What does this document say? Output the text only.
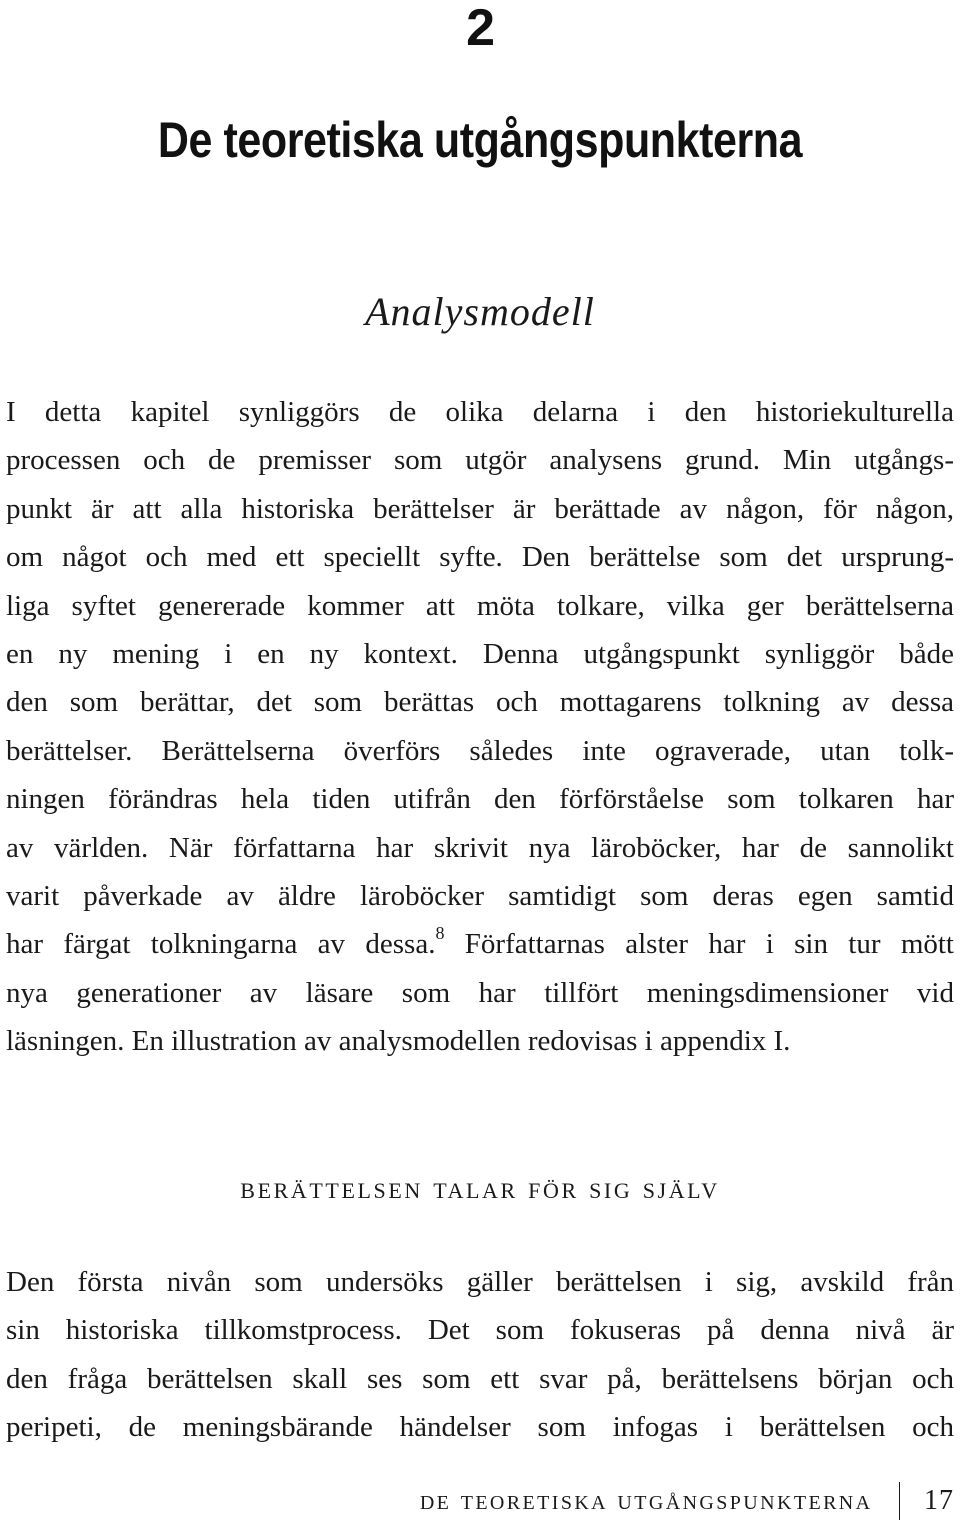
2
De teoretiska utgångspunkterna
Analysmodell

I detta kapitel synliggörs de olika delarna i den historiekulturella
processen och de premisser som utgör analysens grund. Min utgångs-
punkt är att alla historiska berättelser är berättade av någon, för någon,
om något och med ett speciellt syfte. Den berättelse som det ursprung-
liga syftet genererade kommer att möta tolkare, vilka ger berättelserna
en ny mening i en ny kontext. Denna utgångspunkt synliggör både
den som berättar, det som berättas och mottagarens tolkning av dessa
berättelser. Berättelserna överförs således inte ograverade, utan tolk-
ningen förändras hela tiden utifrån den förförståelse som tolkaren har
av världen. När författarna har skrivit nya läroböcker, har de sannolikt
varit påverkade av äldre läroböcker samtidigt som deras egen samtid
har färgat tolkningarna av dessa.$^8$ Författarnas alster har i sin tur mött
nya generationer av läsare som har tillfört meningsdimensioner vid
läsningen. En illustration av analysmodellen redovisas i appendix I.

berättelsen talar för sig själv

Den första nivån som undersöks gäller berättelsen i sig, avskild från
sin historiska tillkomstprocess. Det som fokuseras på denna nivå är
den fråga berättelsen skall ses som ett svar på, berättelsens början och
peripeti, de meningsbärande händelser som infogas i berättelsen och

de teoretiska utgångspunkterna 17
